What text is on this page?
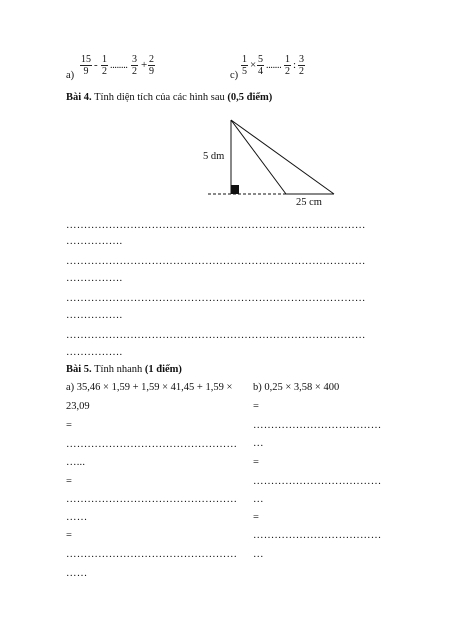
$a) \frac{15}{9} - \frac{1}{2}$ ........ $\frac{3}{2} + \frac{2}{9}$	$c) \frac{1}{5} \times \frac{5}{4}$ ....... $\frac{1}{2}$ : $\frac{3}{2}$
Bài 4. Tính diện tích của các hình sau (0,5 điểm)
5 dm
25 cm
…………………………………………………………………………
…………….
…………………………………………………………………………
…………….
…………………………………………………………………………
…………….
…………………………………………………………………………
…………….
Bài 5. Tính nhanh (1 điểm)
a) 35,46 × 1,59 + 1,59 × 41,45 + 1,59 ×
23,09
=
…………………………………………
…...
=
…………………………………………
……
=
…………………………………………
……
b) 0,25 × 3,58 × 400
=
………………………………
…
=
………………………………
…
=
………………………………
…
